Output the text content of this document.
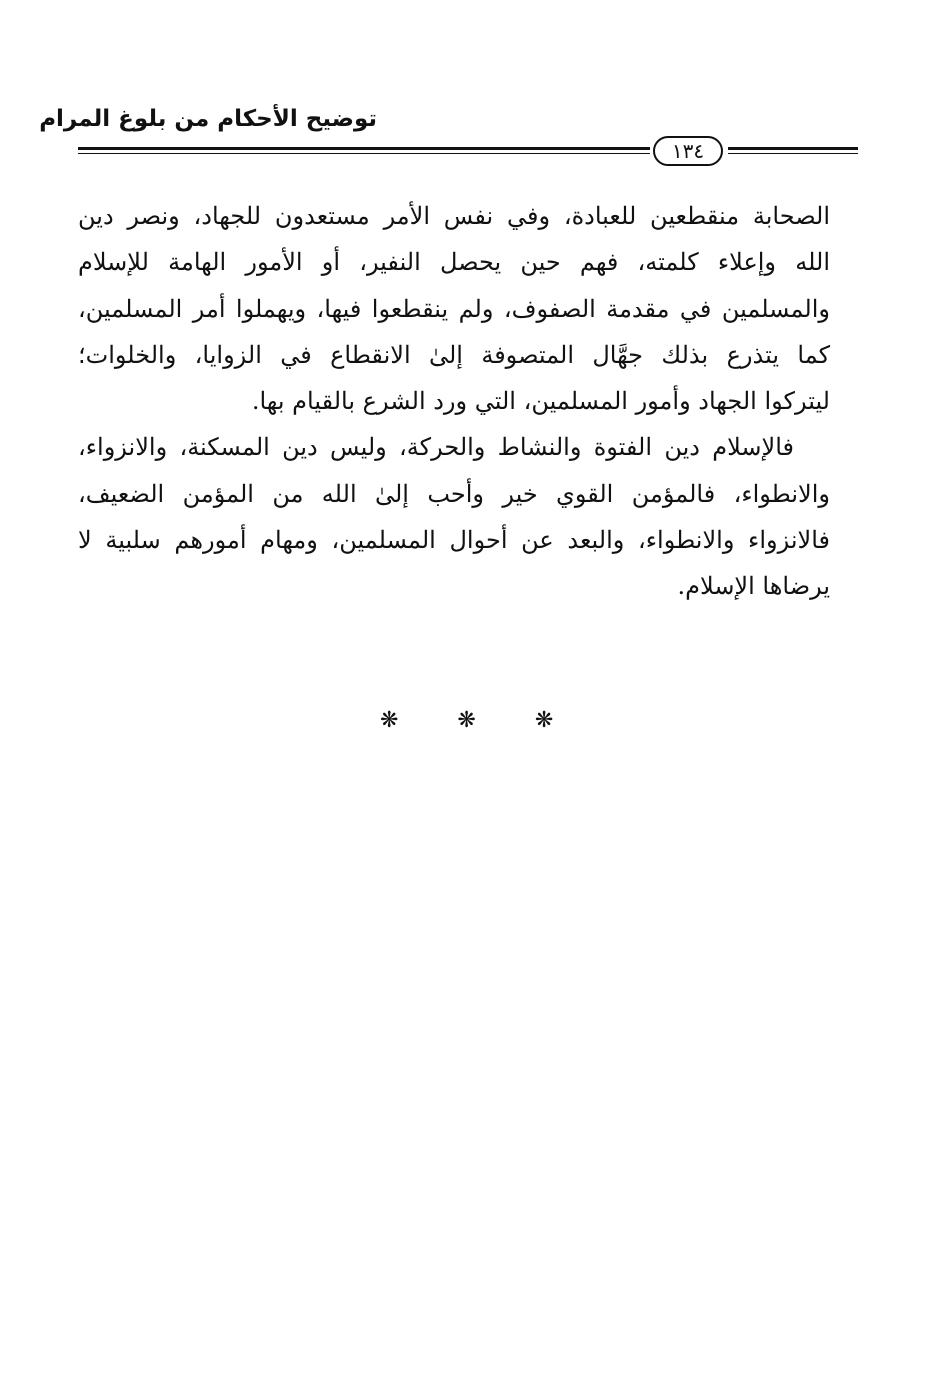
توضيح الأحكام من بلوغ المرام
١٣٤
الصحابة منقطعين للعبادة، وفي نفس الأمر مستعدون للجهاد، ونصر دين
الله وإعلاء كلمته، فهم حين يحصل النفير، أو الأمور الهامة للإسلام
والمسلمين في مقدمة الصفوف، ولم ينقطعوا فيها، ويهملوا أمر المسلمين،
كما يتذرع بذلك جهَّال المتصوفة إلىٰ الانقطاع في الزوايا، والخلوات؛
ليتركوا الجهاد وأمور المسلمين، التي ورد الشرع بالقيام بها.
فالإسلام دين الفتوة والنشاط والحركة، وليس دين المسكنة، والانزواء،
والانطواء، فالمؤمن القوي خير وأحب إلىٰ الله من المؤمن الضعيف،
فالانزواء والانطواء، والبعد عن أحوال المسلمين، ومهام أمورهم سلبية لا
يرضاها الإسلام.
❋ ❋ ❋
